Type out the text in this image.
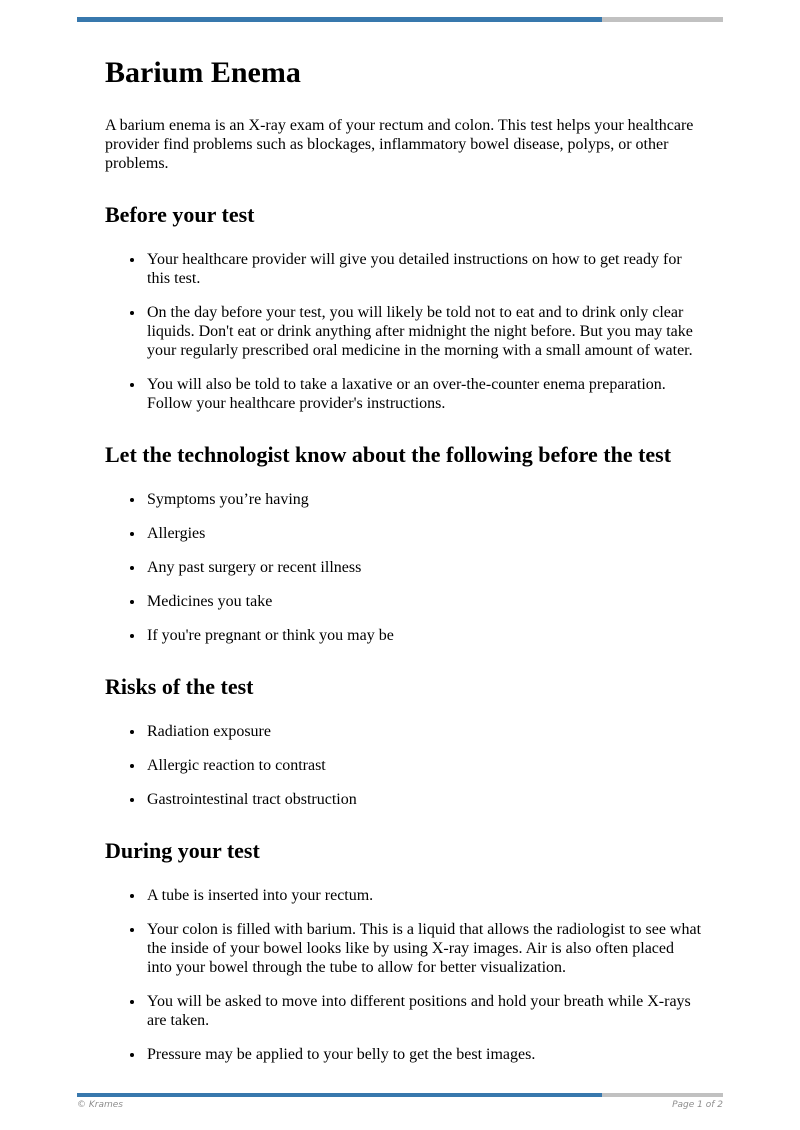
Barium Enema

A barium enema is an X-ray exam of your rectum and colon. This test helps your healthcare provider find problems such as blockages, inflammatory bowel disease, polyps, or other problems.

Before your test
• Your healthcare provider will give you detailed instructions on how to get ready for this test.
• On the day before your test, you will likely be told not to eat and to drink only clear liquids. Don't eat or drink anything after midnight the night before. But you may take your regularly prescribed oral medicine in the morning with a small amount of water.
• You will also be told to take a laxative or an over-the-counter enema preparation. Follow your healthcare provider's instructions.
Let the technologist know about the following before the test
• Symptoms you’re having
• Allergies
• Any past surgery or recent illness
• Medicines you take
• If you're pregnant or think you may be
Risks of the test
• Radiation exposure
• Allergic reaction to contrast
• Gastrointestinal tract obstruction
During your test
• A tube is inserted into your rectum.
• Your colon is filled with barium. This is a liquid that allows the radiologist to see what the inside of your bowel looks like by using X-ray images. Air is also often placed into your bowel through the tube to allow for better visualization.
• You will be asked to move into different positions and hold your breath while X-rays are taken.
• Pressure may be applied to your belly to get the best images.
© Krames	Page 1 of 2
